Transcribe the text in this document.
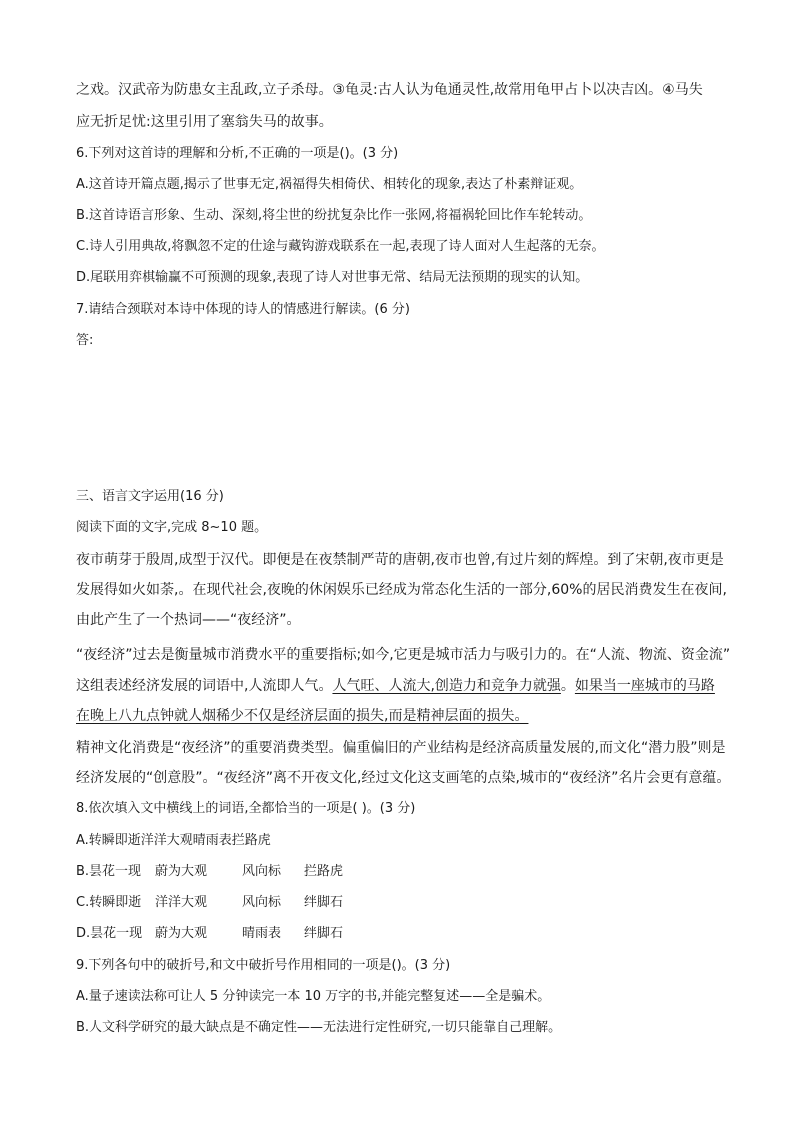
之戏。汉武帝为防患女主乱政,立子杀母。③龟灵:古人认为龟通灵性,故常用龟甲占卜以决吉凶。④马失
应无折足忧:这里引用了塞翁失马的故事。
6.下列对这首诗的理解和分析,不正确的一项是()。(3 分)
A.这首诗开篇点题,揭示了世事无定,祸福得失相倚伏、相转化的现象,表达了朴素辩证观。
B.这首诗语言形象、生动、深刻,将尘世的纷扰复杂比作一张网,将福祸轮回比作车轮转动。
C.诗人引用典故,将飘忽不定的仕途与藏钩游戏联系在一起,表现了诗人面对人生起落的无奈。
D.尾联用弈棋输赢不可预测的现象,表现了诗人对世事无常、结局无法预期的现实的认知。
7.请结合颈联对本诗中体现的诗人的情感进行解读。(6 分)
答:
三、语言文字运用(16 分)
阅读下面的文字,完成 8~10 题。
夜市萌芽于殷周,成型于汉代。即便是在夜禁制严苛的唐朝,夜市也曾,有过片刻的辉煌。到了宋朝,夜市更是
发展得如火如荼,。在现代社会,夜晚的休闲娱乐已经成为常态化生活的一部分,60%的居民消费发生在夜间,
由此产生了一个热词——“夜经济”。
“夜经济”过去是衡量城市消费水平的重要指标;如今,它更是城市活力与吸引力的。在“人流、物流、资金流”
这组表述经济发展的词语中,人流即人气。人气旺、人流大,创造力和竞争力就强。如果当一座城市的马路
在晚上八九点钟就人烟稀少不仅是经济层面的损失,而是精神层面的损失。
精神文化消费是“夜经济”的重要消费类型。偏重偏旧的产业结构是经济高质量发展的,而文化“潜力股”则是
经济发展的“创意股”。“夜经济”离不开夜文化,经过文化这支画笔的点染,城市的“夜经济”名片会更有意蕴。
8.依次填入文中横线上的词语,全都恰当的一项是( )。(3 分)
A.转瞬即逝洋洋大观晴雨表拦路虎
B.昙花一现 蔚为大观	风向标 拦路虎
C.转瞬即逝 洋洋大观	风向标 绊脚石
D.昙花一现 蔚为大观	晴雨表 绊脚石
9.下列各句中的破折号,和文中破折号作用相同的一项是()。(3 分)
A.量子速读法称可让人 5 分钟读完一本 10 万字的书,并能完整复述——全是骗术。
B.人文科学研究的最大缺点是不确定性——无法进行定性研究,一切只能靠自己理解。
